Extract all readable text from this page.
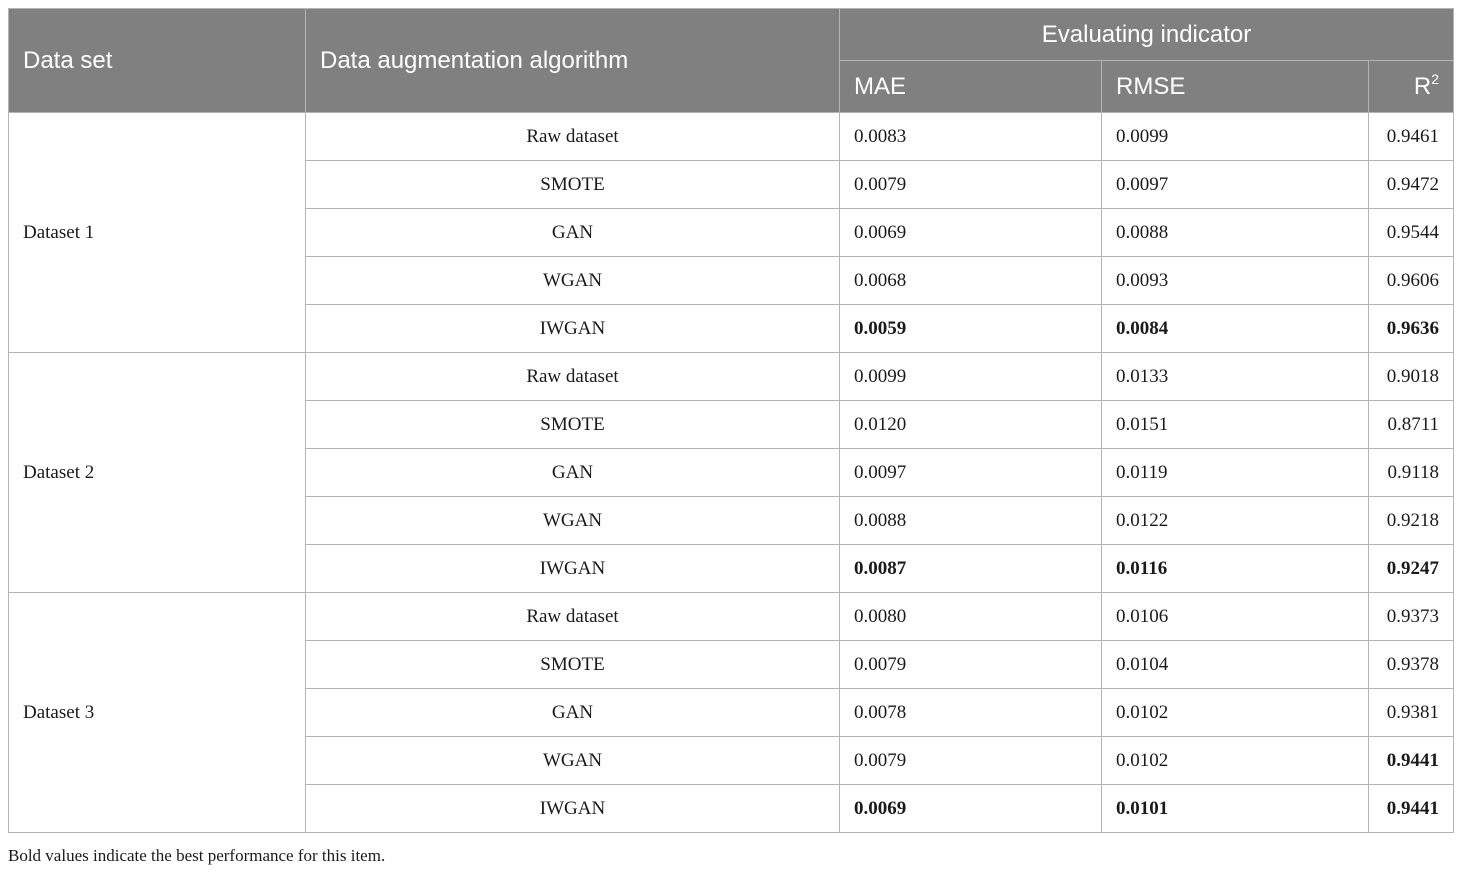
Data set	Data augmentation algorithm	Evaluating indicator		
		MAE	RMSE	$R^2$
Dataset 1	Raw dataset	0.0083	0.0099	0.9461
	SMOTE	0.0079	0.0097	0.9472
	GAN	0.0069	0.0088	0.9544
	WGAN	0.0068	0.0093	0.9606
	IWGAN	0.0059	0.0084	0.9636
Dataset 2	Raw dataset	0.0099	0.0133	0.9018
	SMOTE	0.0120	0.0151	0.8711
	GAN	0.0097	0.0119	0.9118
	WGAN	0.0088	0.0122	0.9218
	IWGAN	0.0087	0.0116	0.9247
Dataset 3	Raw dataset	0.0080	0.0106	0.9373
	SMOTE	0.0079	0.0104	0.9378
	GAN	0.0078	0.0102	0.9381
	WGAN	0.0079	0.0102	0.9441
	IWGAN	0.0069	0.0101	0.9441
Bold values indicate the best performance for this item.
